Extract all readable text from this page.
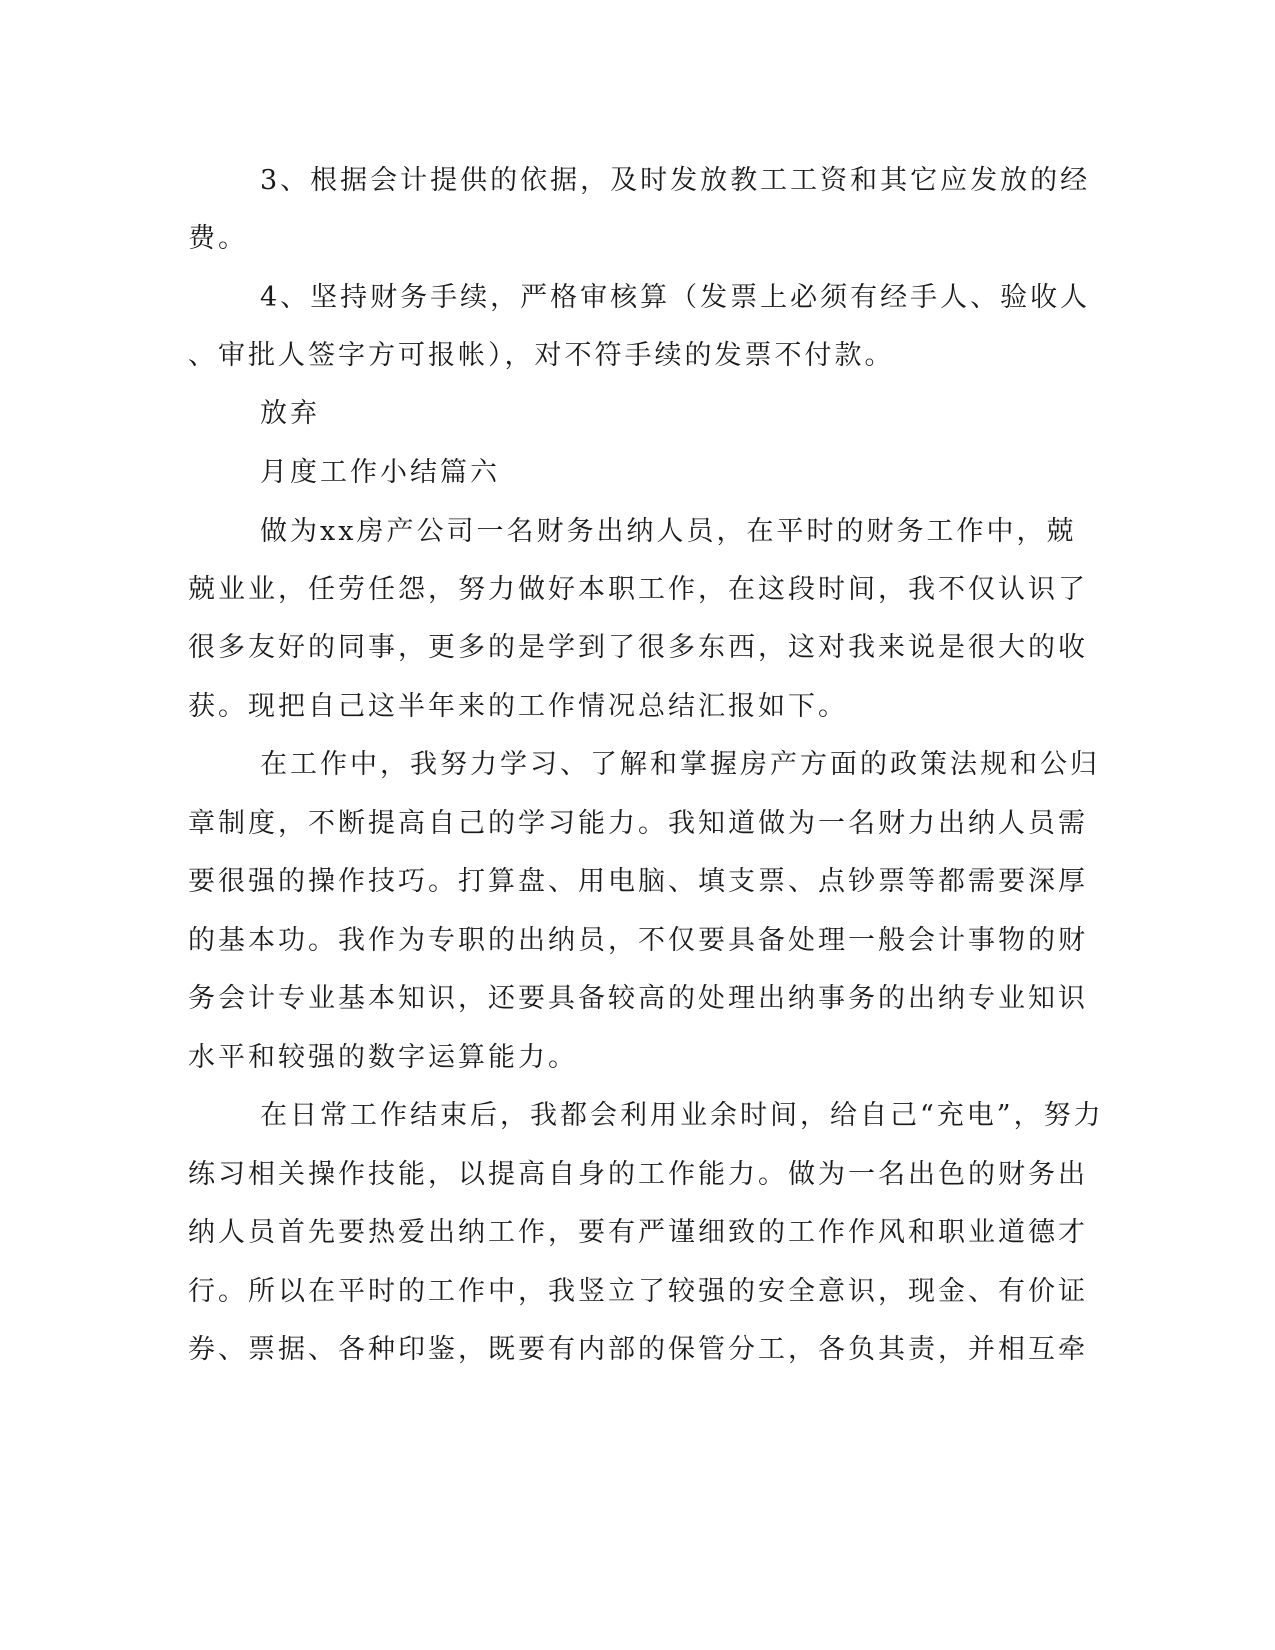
3、根据会计提供的依据，及时发放教工工资和其它应发放的经
费。
4、坚持财务手续，严格审核算（发票上必须有经手人、验收人
、审批人签字方可报帐），对不符手续的发票不付款。
放弃
月度工作小结篇六
做为xx房产公司一名财务出纳人员，在平时的财务工作中，兢
兢业业，任劳任怨，努力做好本职工作，在这段时间，我不仅认识了
很多友好的同事，更多的是学到了很多东西，这对我来说是很大的收
获。现把自己这半年来的工作情况总结汇报如下。
在工作中，我努力学习、了解和掌握房产方面的政策法规和公归
章制度，不断提高自己的学习能力。我知道做为一名财力出纳人员需
要很强的操作技巧。打算盘、用电脑、填支票、点钞票等都需要深厚
的基本功。我作为专职的出纳员，不仅要具备处理一般会计事物的财
务会计专业基本知识，还要具备较高的处理出纳事务的出纳专业知识
水平和较强的数字运算能力。
在日常工作结束后，我都会利用业余时间，给自己“充电”，努力
练习相关操作技能，以提高自身的工作能力。做为一名出色的财务出
纳人员首先要热爱出纳工作，要有严谨细致的工作作风和职业道德才
行。所以在平时的工作中，我竖立了较强的安全意识，现金、有价证
券、票据、各种印鉴，既要有内部的保管分工，各负其责，并相互牵
